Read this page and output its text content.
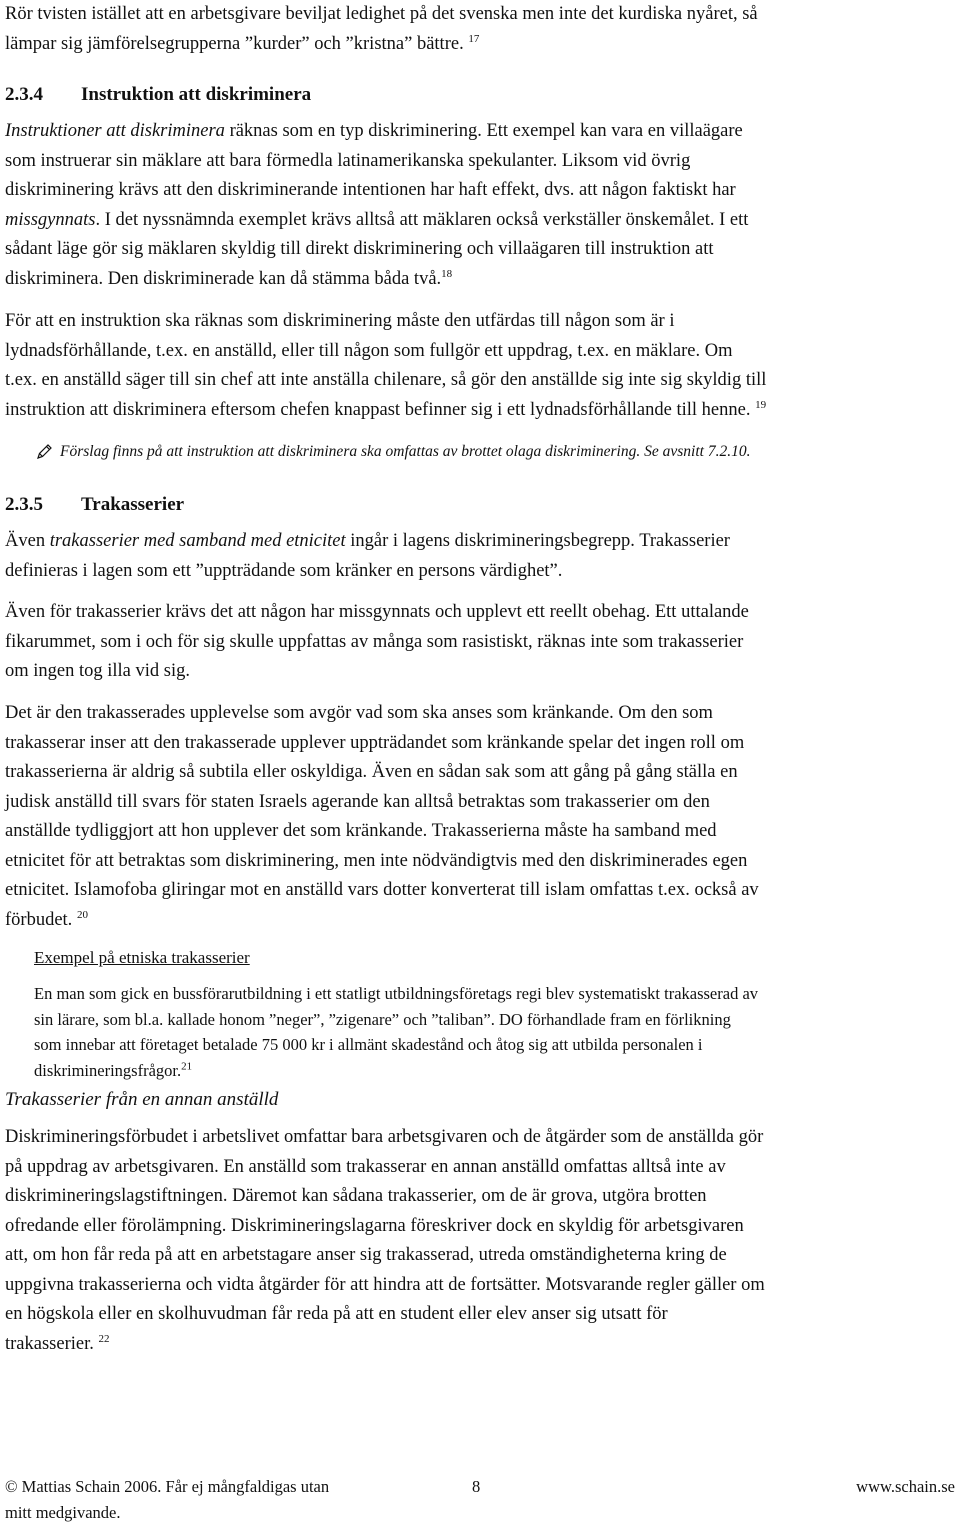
Rör tvisten istället att en arbetsgivare beviljat ledighet på det svenska men inte det kurdiska nyåret, så
lämpar sig jämförelsegrupperna ”kurder” och ”kristna” bättre. $^{17}$

2.3.4 Instruktion att diskriminera

Instruktioner att diskriminera räknas som en typ diskriminering. Ett exempel kan vara en villaägare
som instruerar sin mäklare att bara förmedla latinamerikanska spekulanter. Liksom vid övrig
diskriminering krävs att den diskriminerande intentionen har haft effekt, dvs. att någon faktiskt har
missgynnats. I det nyssnämnda exemplet krävs alltså att mäklaren också verkställer önskemålet. I ett
sådant läge gör sig mäklaren skyldig till direkt diskriminering och villaägaren till instruktion att
diskriminera. Den diskriminerade kan då stämma båda två.$^{18}$

För att en instruktion ska räknas som diskriminering måste den utfärdas till någon som är i
lydnadsförhållande, t.ex. en anställd, eller till någon som fullgör ett uppdrag, t.ex. en mäklare. Om
t.ex. en anställd säger till sin chef att inte anställa chilenare, så gör den anställde sig inte sig skyldig till
instruktion att diskriminera eftersom chefen knappast befinner sig i ett lydnadsförhållande till henne. $^{19}$

Förslag finns på att instruktion att diskriminera ska omfattas av brottet olaga diskriminering. Se avsnitt 7.2.10.
2.3.5 Trakasserier

Även trakasserier med samband med etnicitet ingår i lagens diskrimineringsbegrepp. Trakasserier
definieras i lagen som ett ”uppträdande som kränker en persons värdighet”.

Även för trakasserier krävs det att någon har missgynnats och upplevt ett reellt obehag. Ett uttalande
fikarummet, som i och för sig skulle uppfattas av många som rasistiskt, räknas inte som trakasserier
om ingen tog illa vid sig.

Det är den trakasserades upplevelse som avgör vad som ska anses som kränkande. Om den som
trakasserar inser att den trakasserade upplever uppträdandet som kränkande spelar det ingen roll om
trakasserierna är aldrig så subtila eller oskyldiga. Även en sådan sak som att gång på gång ställa en
judisk anställd till svars för staten Israels agerande kan alltså betraktas som trakasserier om den
anställde tydliggjort att hon upplever det som kränkande. Trakasserierna måste ha samband med
etnicitet för att betraktas som diskriminering, men inte nödvändigtvis med den diskriminerades egen
etnicitet. Islamofoba gliringar mot en anställd vars dotter konverterat till islam omfattas t.ex. också av
förbudet. $^{20}$

Exempel på etniska trakasserier
En man som gick en bussförarutbildning i ett statligt utbildningsföretags regi blev systematiskt trakasserad av
sin lärare, som bl.a. kallade honom ”neger”, ”zigenare” och ”taliban”. DO förhandlade fram en förlikning
som innebar att företaget betalade 75 000 kr i allmänt skadestånd och åtog sig att utbilda personalen i
diskrimineringsfrågor.$^{21}$
Trakasserier från en annan anställd

Diskrimineringsförbudet i arbetslivet omfattar bara arbetsgivaren och de åtgärder som de anställda gör
på uppdrag av arbetsgivaren. En anställd som trakasserar en annan anställd omfattas alltså inte av
diskrimineringslagstiftningen. Däremot kan sådana trakasserier, om de är grova, utgöra brotten
ofredande eller förolämpning. Diskrimineringslagarna föreskriver dock en skyldig för arbetsgivaren
att, om hon får reda på att en arbetstagare anser sig trakasserad, utreda omständigheterna kring de
uppgivna trakasserierna och vidta åtgärder för att hindra att de fortsätter. Motsvarande regler gäller om
en högskola eller en skolhuvudman får reda på att en student eller elev anser sig utsatt för
trakasserier. $^{22}$

© Mattias Schain 2006. Får ej mångfaldigas utan
mitt medgivande.
8	www.schain.se
